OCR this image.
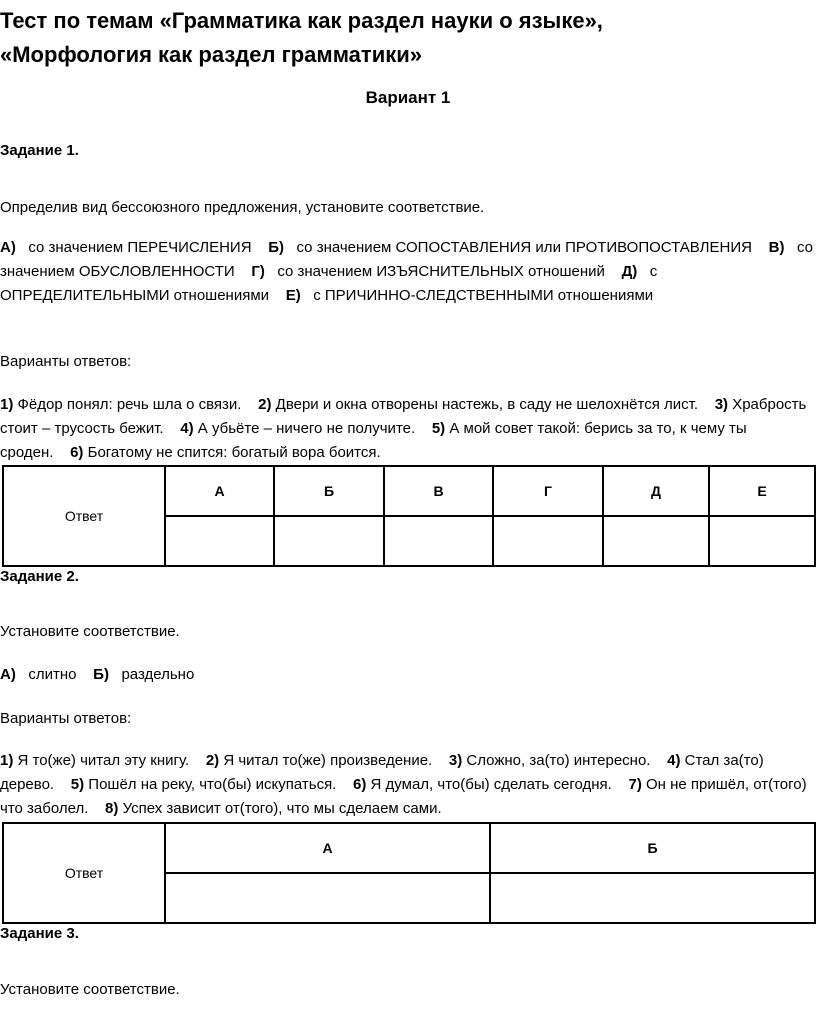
Тест по темам «Грамматика как раздел науки о языке»,
«Морфология как раздел грамматики»
Вариант 1
Задание 1.
Определив вид бессоюзного предложения, установите соответствие.
А) со значением ПЕРЕЧИСЛЕНИЯ Б) со значением СОПОСТАВЛЕНИЯ или ПРОТИВОПОСТАВЛЕНИЯ В) со значением ОБУСЛОВЛЕННОСТИ Г) со значением ИЗЪЯСНИТЕЛЬНЫХ отношений Д) с ОПРЕДЕЛИТЕЛЬНЫМИ отношениями Е) с ПРИЧИННО-СЛЕДСТВЕННЫМИ отношениями
Варианты ответов:
1) Фёдор понял: речь шла о связи. 2) Двери и окна отворены настежь, в саду не шелохнётся лист. 3) Храбрость стоит – трусость бежит. 4) А убьёте – ничего не получите. 5) А мой совет такой: берись за то, к чему ты сроден. 6) Богатому не спится: богатый вора боится.
Ответ	А	Б	В	Г	Д	Е

Задание 2.
Установите соответствие.
А) слитно Б) раздельно
Варианты ответов:
1) Я то(же) читал эту книгу. 2) Я читал то(же) произведение. 3) Сложно, за(то) интересно. 4) Стал за(то) дерево. 5) Пошёл на реку, что(бы) искупаться. 6) Я думал, что(бы) сделать сегодня. 7) Он не пришёл, от(того) что заболел. 8) Успех зависит от(того), что мы сделаем сами.
Ответ	А	Б

Задание 3.
Установите соответствие.
